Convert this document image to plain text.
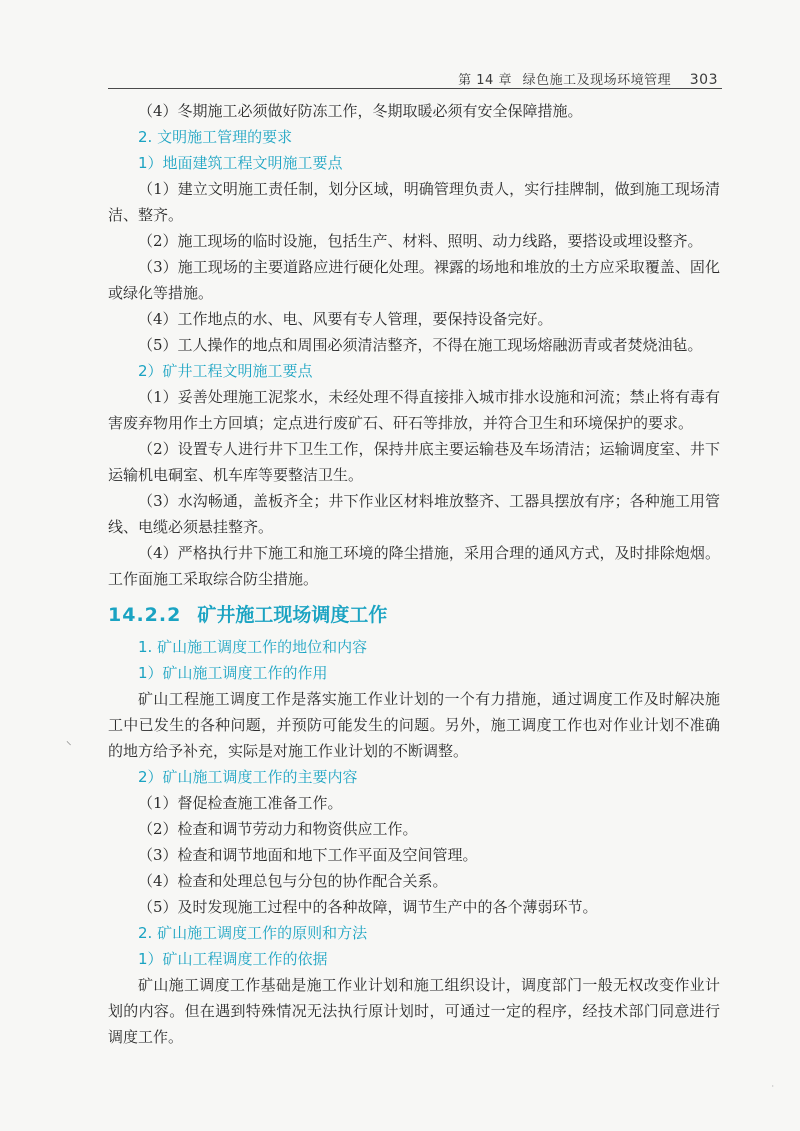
第 14 章 绿色施工及现场环境管理 303
⸌
·

（4）冬期施工必须做好防冻工作，冬期取暖必须有安全保障措施。

2. 文明施工管理的要求

1）地面建筑工程文明施工要点

（1）建立文明施工责任制，划分区域，明确管理负责人，实行挂牌制，做到施工现场清洁、整齐。

（2）施工现场的临时设施，包括生产、材料、照明、动力线路，要搭设或埋设整齐。

（3）施工现场的主要道路应进行硬化处理。裸露的场地和堆放的土方应采取覆盖、固化或绿化等措施。

（4）工作地点的水、电、风要有专人管理，要保持设备完好。

（5）工人操作的地点和周围必须清洁整齐，不得在施工现场熔融沥青或者焚烧油毡。

2）矿井工程文明施工要点

（1）妥善处理施工泥浆水，未经处理不得直接排入城市排水设施和河流；禁止将有毒有害废弃物用作土方回填；定点进行废矿石、矸石等排放，并符合卫生和环境保护的要求。

（2）设置专人进行井下卫生工作，保持井底主要运输巷及车场清洁；运输调度室、井下运输机电硐室、机车库等要整洁卫生。

（3）水沟畅通，盖板齐全；井下作业区材料堆放整齐、工器具摆放有序；各种施工用管线、电缆必须悬挂整齐。

（4）严格执行井下施工和施工环境的降尘措施，采用合理的通风方式，及时排除炮烟。工作面施工采取综合防尘措施。

14.2.2 矿井施工现场调度工作

1. 矿山施工调度工作的地位和内容

1）矿山施工调度工作的作用

矿山工程施工调度工作是落实施工作业计划的一个有力措施，通过调度工作及时解决施工中已发生的各种问题，并预防可能发生的问题。另外，施工调度工作也对作业计划不准确的地方给予补充，实际是对施工作业计划的不断调整。

2）矿山施工调度工作的主要内容

（1）督促检查施工准备工作。

（2）检查和调节劳动力和物资供应工作。

（3）检查和调节地面和地下工作平面及空间管理。

（4）检查和处理总包与分包的协作配合关系。

（5）及时发现施工过程中的各种故障，调节生产中的各个薄弱环节。

2. 矿山施工调度工作的原则和方法

1）矿山工程调度工作的依据

矿山施工调度工作基础是施工作业计划和施工组织设计，调度部门一般无权改变作业计划的内容。但在遇到特殊情况无法执行原计划时，可通过一定的程序，经技术部门同意进行调度工作。
